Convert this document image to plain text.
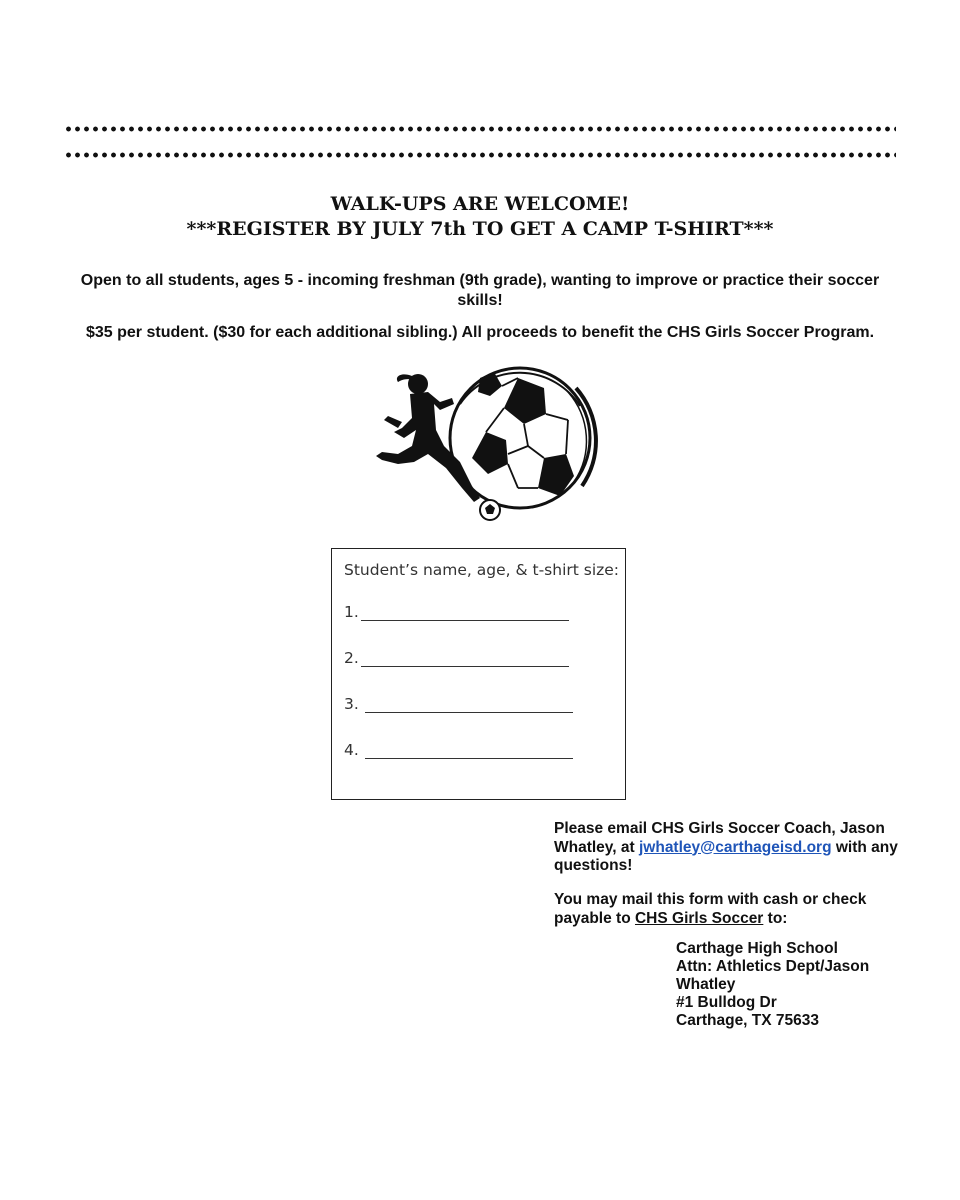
WALK-UPS ARE WELCOME!
***REGISTER BY JULY 7th TO GET A CAMP T-SHIRT***
Open to all students, ages 5 - incoming freshman (9th grade), wanting to improve or practice their soccer skills!
$35 per student. ($30 for each additional sibling.) All proceeds to benefit the CHS Girls Soccer Program.
Student’s name, age, & t-shirt size:
1.
2.
3.
4.
Please email CHS Girls Soccer Coach, Jason Whatley, at jwhatley@carthageisd.org with any questions!
You may mail this form with cash or check payable to CHS Girls Soccer to:
Carthage High School
Attn: Athletics Dept/Jason Whatley
#1 Bulldog Dr
Carthage, TX 75633
